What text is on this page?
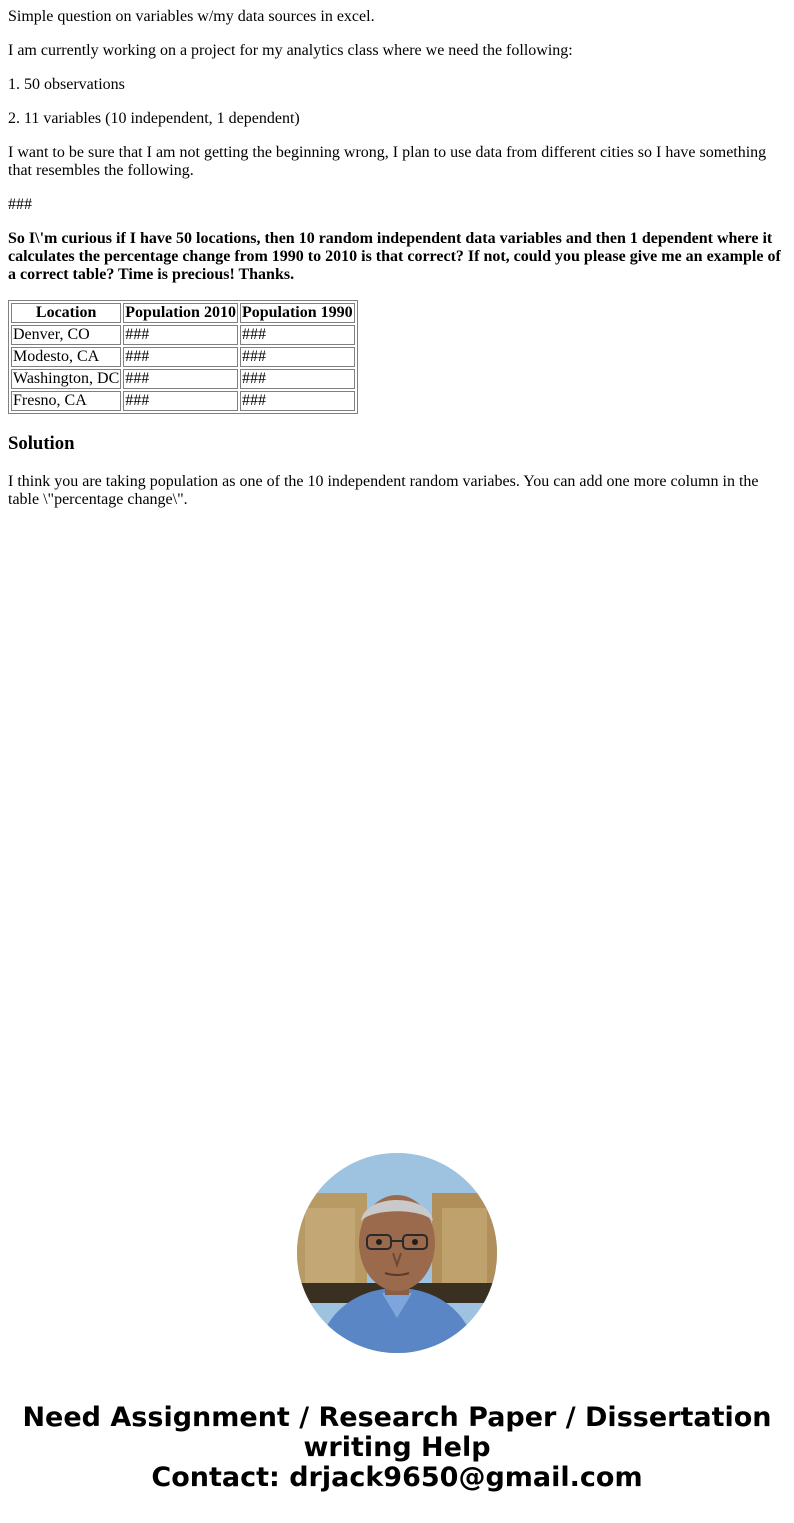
Simple question on variables w/my data sources in excel.

I am currently working on a project for my analytics class where we need the following:

1. 50 observations

2. 11 variables (10 independent, 1 dependent)

I want to be sure that I am not getting the beginning wrong, I plan to use data from different cities so I have something that resembles the following.

###

So I\'m curious if I have 50 locations, then 10 random independent data variables and then 1 dependent where it calculates the percentage change from 1990 to 2010 is that correct? If not, could you please give me an example of a correct table? Time is precious! Thanks.

Location	Population 2010	Population 1990
Denver, CO	###	###
Modesto, CA	###	###
Washington, DC	###	###
Fresno, CA	###	###
Solution

I think you are taking population as one of the 10 independent random variabes. You can add one more column in the table \"percentage change\".

Need Assignment / Research Paper / Dissertation
writing Help
Contact: drjack9650@gmail.com
